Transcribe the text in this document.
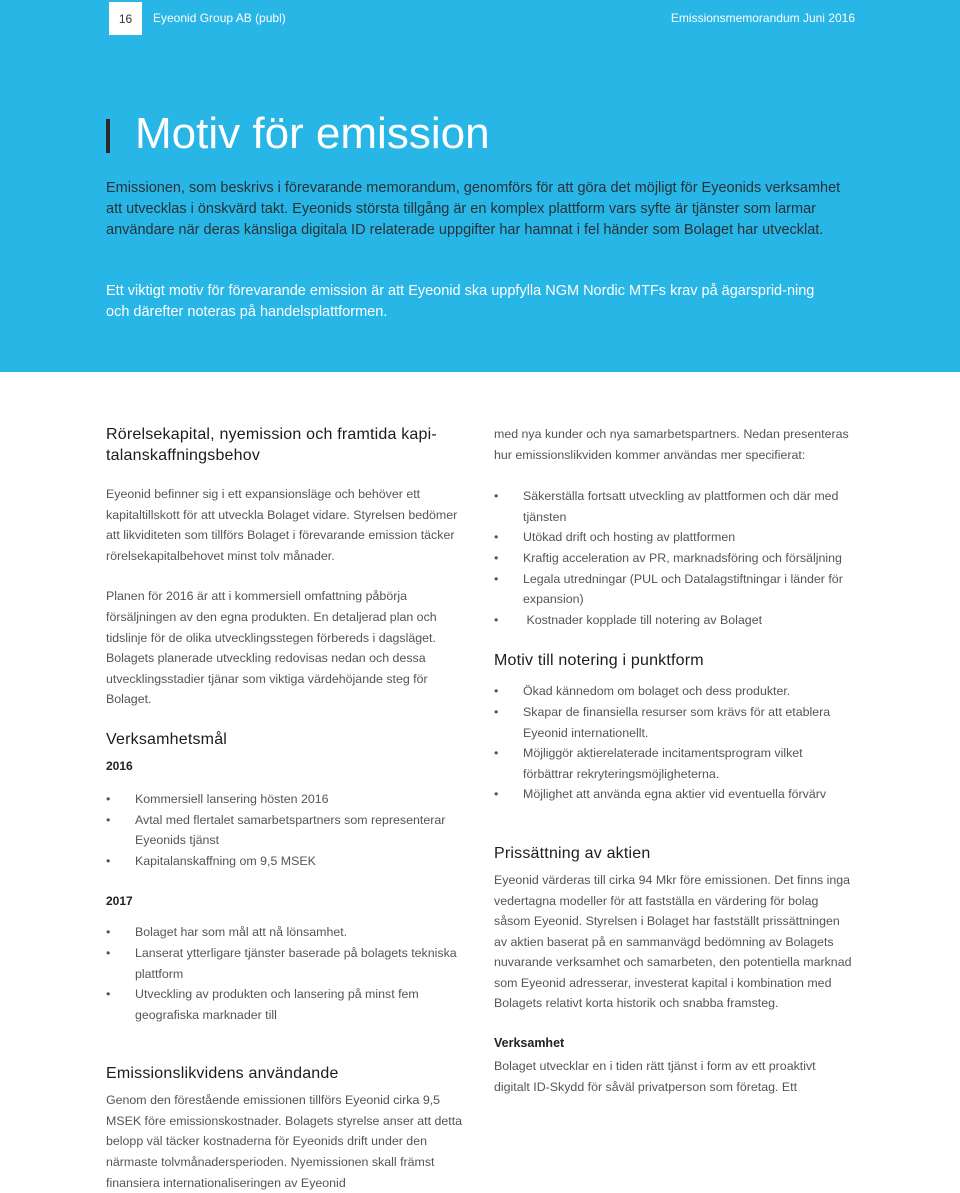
16	Eyeonid Group AB (publ)	Emissionsmemorandum Juni 2016
Motiv för emission

Emissionen, som beskrivs i förevarande memorandum, genomförs för att göra det möjligt för Eyeonids verksamhet att utvecklas i önskvärd takt. Eyeonids största tillgång är en komplex plattform vars syfte är tjänster som larmar användare när deras känsliga digitala ID relaterade uppgifter har hamnat i fel händer som Bolaget har utvecklat.

Ett viktigt motiv för förevarande emission är att Eyeonid ska uppfylla NGM Nordic MTFs krav på ägarsprid-ning och därefter noteras på handelsplattformen.

Rörelsekapital, nyemission och framtida kapi-talanskaffningsbehov

Eyeonid befinner sig i ett expansionsläge och behöver ett kapitaltillskott för att utveckla Bolaget vidare. Styrelsen bedömer att likviditeten som tillförs Bolaget i förevarande emission täcker rörelsekapitalbehovet minst tolv månader.

Planen för 2016 är att i kommersiell omfattning påbörja försäljningen av den egna produkten. En detaljerad plan och tidslinje för de olika utvecklingsstegen förbereds i dagsläget. Bolagets planerade utveckling redovisas nedan och dessa utvecklingsstadier tjänar som viktiga värdehöjande steg för Bolaget.

Verksamhetsmål
2016
• Kommersiell lansering hösten 2016
• Avtal med flertalet samarbetspartners som representerar Eyeonids tjänst
• Kapitalanskaffning om 9,5 MSEK
2017
• Bolaget har som mål att nå lönsamhet.
• Lanserat ytterligare tjänster baserade på bolagets tekniska plattform
• Utveckling av produkten och lansering på minst fem geografiska marknader till
Emissionslikvidens användande

Genom den förestående emissionen tillförs Eyeonid cirka 9,5 MSEK före emissionskostnader. Bolagets styrelse anser att detta belopp väl täcker kostnaderna för Eyeonids drift under den närmaste tolvmånadersperioden. Nyemissionen skall främst finansiera internationaliseringen av Eyeonid

med nya kunder och nya samarbetspartners. Nedan presenteras hur emissionslikviden kommer användas mer specifierat:

• Säkerställa fortsatt utveckling av plattformen och där med tjänsten
• Utökad drift och hosting av plattformen
• Kraftig acceleration av PR, marknadsföring och försäljning
• Legala utredningar (PUL och Datalagstiftningar i länder för expansion)
•  Kostnader kopplade till notering av Bolaget
Motiv till notering i punktform
• Ökad kännedom om bolaget och dess produkter.
• Skapar de finansiella resurser som krävs för att etablera Eyeonid internationellt.
• Möjliggör aktierelaterade incitamentsprogram vilket förbättrar rekryteringsmöjligheterna.
• Möjlighet att använda egna aktier vid eventuella förvärv
Prissättning av aktien

Eyeonid värderas till cirka 94 Mkr före emissionen. Det finns inga vedertagna modeller för att fastställa en värdering för bolag såsom Eyeonid. Styrelsen i Bolaget har fastställt prissättningen av aktien baserat på en sammanvägd bedömning av Bolagets nuvarande verksamhet och samarbeten, den potentiella marknad som Eyeonid adresserar, investerat kapital i kombination med Bolagets relativt korta historik och snabba framsteg.

Verksamhet

Bolaget utvecklar en i tiden rätt tjänst i form av ett proaktivt digitalt ID-Skydd för såväl privatperson som företag. Ett
